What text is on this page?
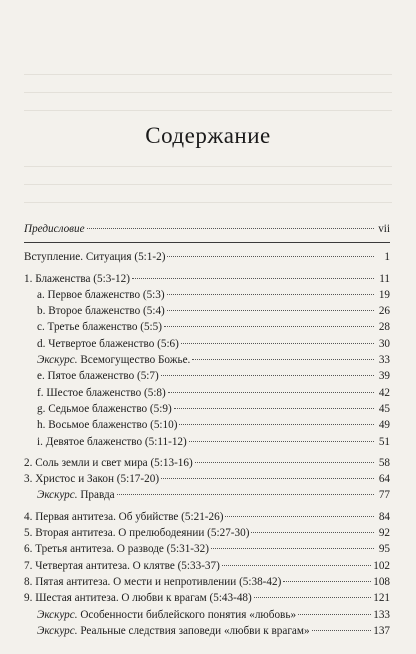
Содержание
Предисловие	vii
Вступление. Ситуация (5:1-2)	1
1. Блаженства (5:3-12)	11
a. Первое блаженство (5:3)	19
b. Второе блаженство (5:4)	26
c. Третье блаженство (5:5)	28
d. Четвертое блаженство (5:6)	30
Экскурс. Всемогущество Божье.	33
e. Пятое блаженство (5:7)	39
f. Шестое блаженство (5:8)	42
g. Седьмое блаженство (5:9)	45
h. Восьмое блаженство (5:10)	49
i. Девятое блаженство (5:11-12)	51
2. Соль земли и свет мира (5:13-16)	58
3. Христос и Закон (5:17-20)	64
Экскурс. Правда	77
4. Первая антитеза. Об убийстве (5:21-26)	84
5. Вторая антитеза. О прелюбодеянии (5:27-30)	92
6. Третья антитеза. О разводе (5:31-32)	95
7. Четвертая антитеза. О клятве (5:33-37)	102
8. Пятая антитеза. О мести и непротивлении (5:38-42)	108
9. Шестая антитеза. О любви к врагам (5:43-48)	121
Экскурс. Особенности библейского понятия «любовь»	133
Экскурс. Реальные следствия заповеди «любви к врагам»	137
